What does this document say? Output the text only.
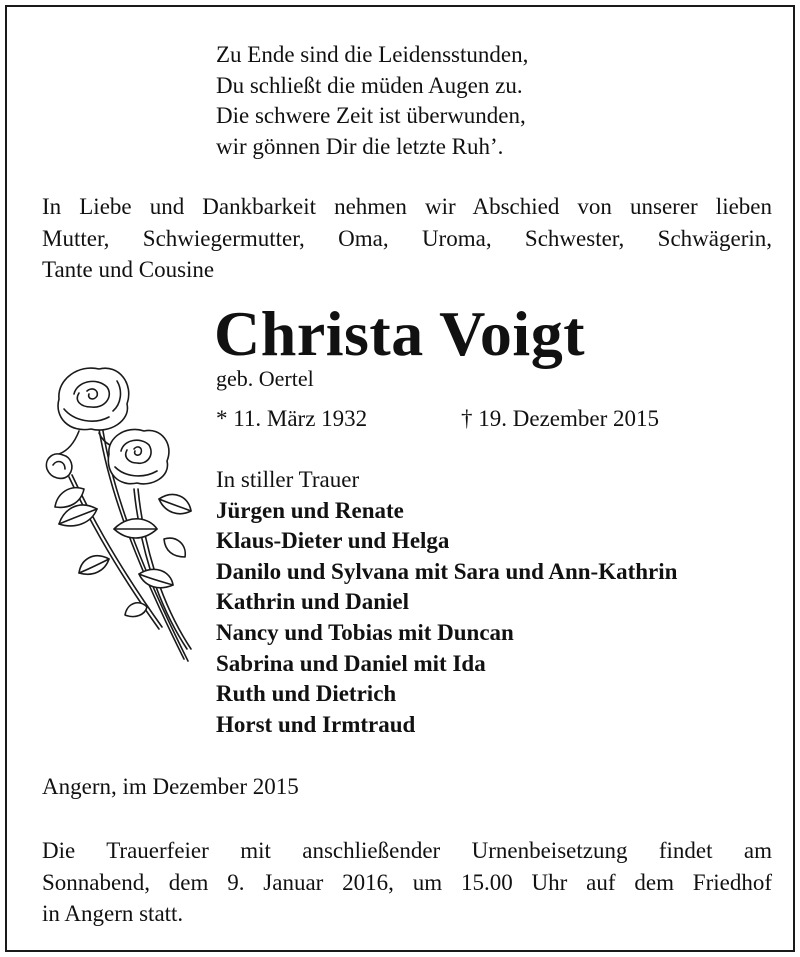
Zu Ende sind die Leidensstunden,
Du schließt die müden Augen zu.
Die schwere Zeit ist überwunden,
wir gönnen Dir die letzte Ruh’.
In Liebe und Dankbarkeit nehmen wir Abschied von unserer lieben
Mutter, Schwiegermutter, Oma, Uroma, Schwester, Schwägerin,
Tante und Cousine
Christa Voigt
geb. Oertel
* 11. März 1932	† 19. Dezember 2015
In stiller Trauer
Jürgen und Renate
Klaus-Dieter und Helga
Danilo und Sylvana mit Sara und Ann-Kathrin
Kathrin und Daniel
Nancy und Tobias mit Duncan
Sabrina und Daniel mit Ida
Ruth und Dietrich
Horst und Irmtraud
Angern, im Dezember 2015
Die Trauerfeier mit anschließender Urnenbeisetzung findet am
Sonnabend, dem 9. Januar 2016, um 15.00 Uhr auf dem Friedhof
in Angern statt.
